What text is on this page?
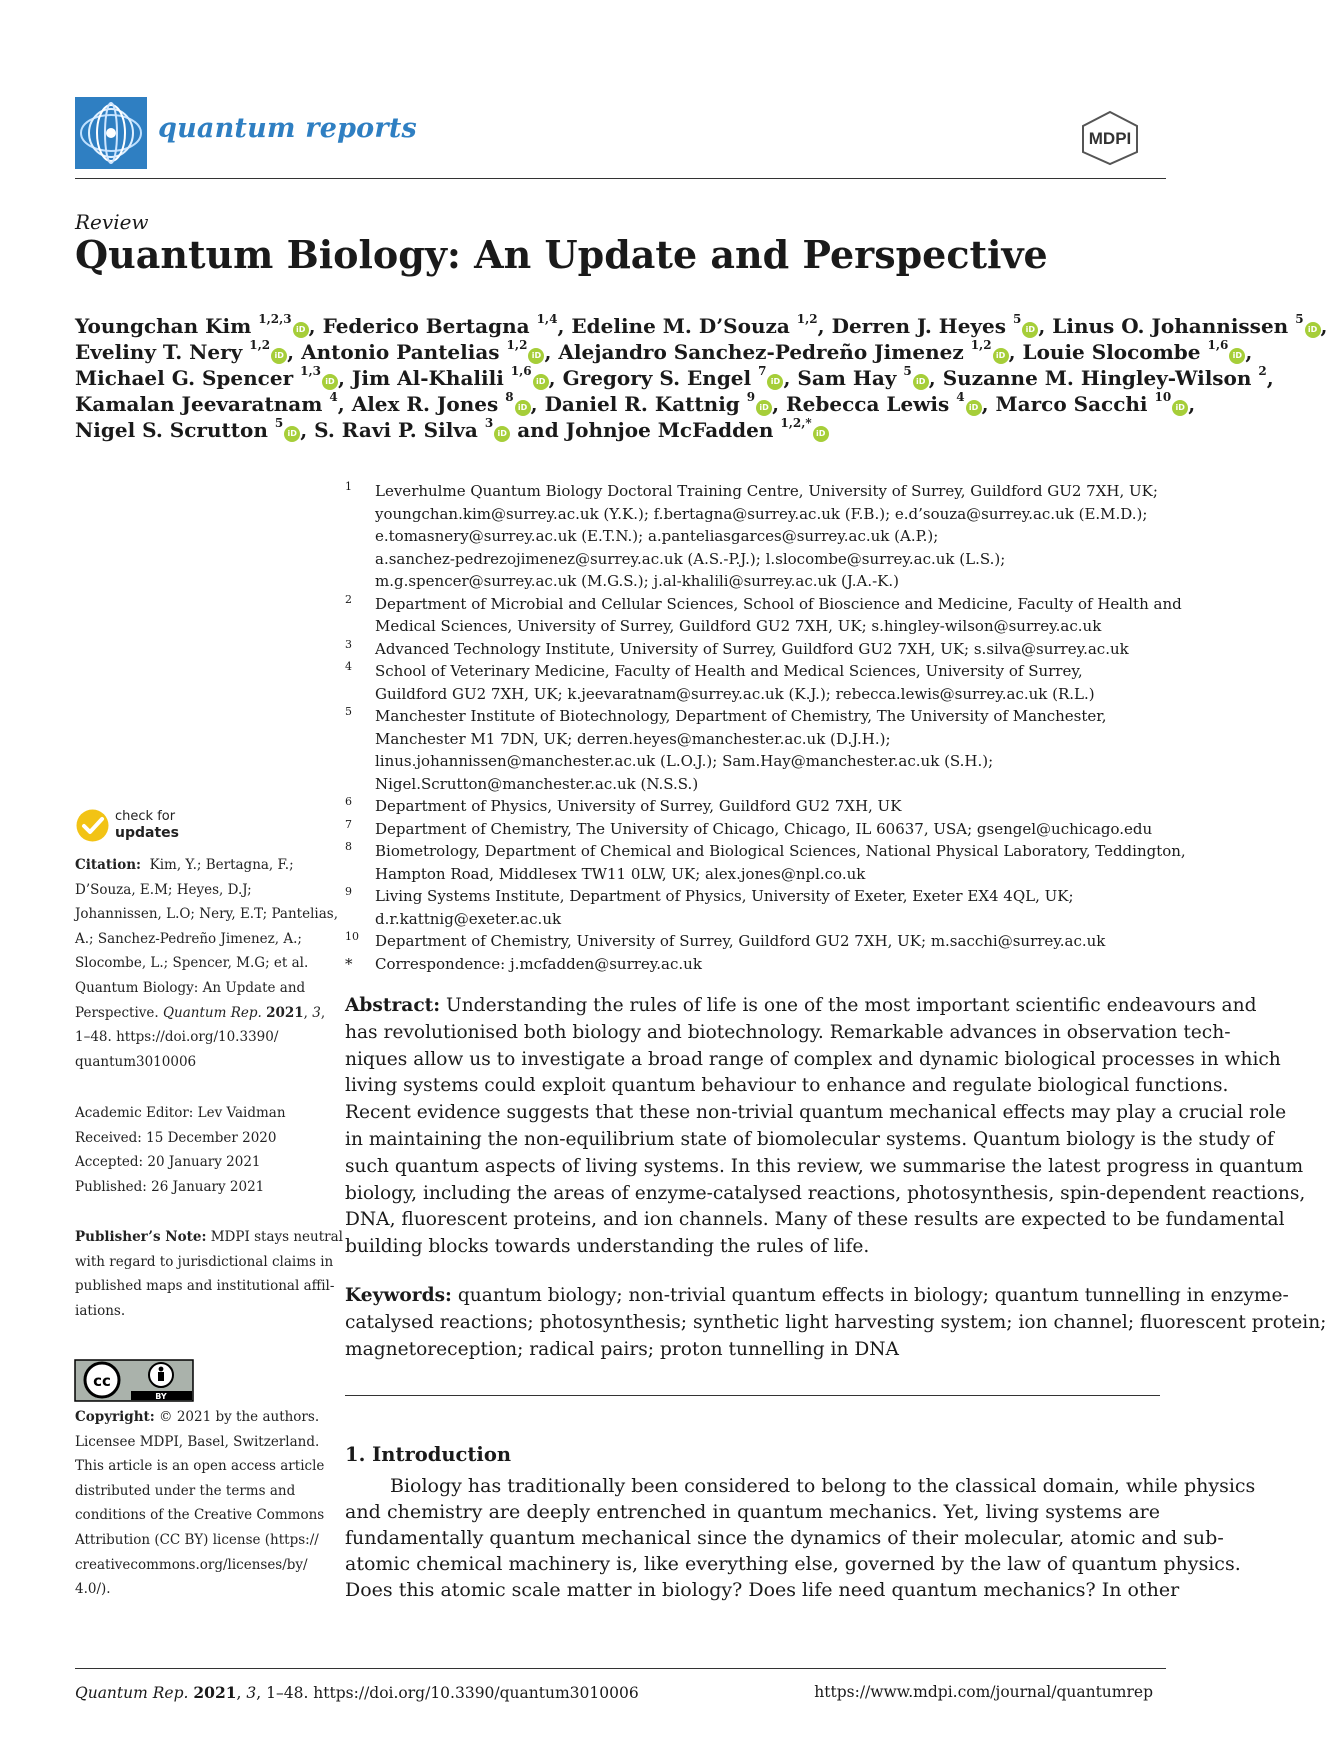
quantum reports	MDPI
Review
Quantum Biology: An Update and Perspective
Youngchan Kim $^{1,2,3}$iD , Federico Bertagna $^{1,4}$, Edeline M. D’Souza $^{1,2}$, Derren J. Heyes $^5$iD , Linus O. Johannissen $^5$iD ,
Eveliny T. Nery $^{1,2}$iD , Antonio Pantelias $^{1,2}$iD , Alejandro Sanchez-Pedreño Jimenez $^{1,2}$iD , Louie Slocombe $^{1,6}$iD ,
Michael G. Spencer $^{1,3}$iD , Jim Al-Khalili $^{1,6}$iD , Gregory S. Engel $^7$iD , Sam Hay $^5$iD , Suzanne M. Hingley-Wilson $^2$,
Kamalan Jeevaratnam $^4$, Alex R. Jones $^8$iD , Daniel R. Kattnig $^9$iD , Rebecca Lewis $^4$iD , Marco Sacchi $^{10}$iD ,
Nigel S. Scrutton $^5$iD , S. Ravi P. Silva $^3$iD and Johnjoe McFadden $^{1,2,*}$iD
1 Leverhulme Quantum Biology Doctoral Training Centre, University of Surrey, Guildford GU2 7XH, UK;
youngchan.kim@surrey.ac.uk (Y.K.); f.bertagna@surrey.ac.uk (F.B.); e.d’souza@surrey.ac.uk (E.M.D.);
e.tomasnery@surrey.ac.uk (E.T.N.); a.panteliasgarces@surrey.ac.uk (A.P.);
a.sanchez-pedrezojimenez@surrey.ac.uk (A.S.-P.J.); l.slocombe@surrey.ac.uk (L.S.);
m.g.spencer@surrey.ac.uk (M.G.S.); j.al-khalili@surrey.ac.uk (J.A.-K.)
2 Department of Microbial and Cellular Sciences, School of Bioscience and Medicine, Faculty of Health and
Medical Sciences, University of Surrey, Guildford GU2 7XH, UK; s.hingley-wilson@surrey.ac.uk
3 Advanced Technology Institute, University of Surrey, Guildford GU2 7XH, UK; s.silva@surrey.ac.uk
4 School of Veterinary Medicine, Faculty of Health and Medical Sciences, University of Surrey,
Guildford GU2 7XH, UK; k.jeevaratnam@surrey.ac.uk (K.J.); rebecca.lewis@surrey.ac.uk (R.L.)
5 Manchester Institute of Biotechnology, Department of Chemistry, The University of Manchester,
Manchester M1 7DN, UK; derren.heyes@manchester.ac.uk (D.J.H.);
linus.johannissen@manchester.ac.uk (L.O.J.); Sam.Hay@manchester.ac.uk (S.H.);
Nigel.Scrutton@manchester.ac.uk (N.S.S.)
6 Department of Physics, University of Surrey, Guildford GU2 7XH, UK
7 Department of Chemistry, The University of Chicago, Chicago, IL 60637, USA; gsengel@uchicago.edu
8 Biometrology, Department of Chemical and Biological Sciences, National Physical Laboratory, Teddington,
Hampton Road, Middlesex TW11 0LW, UK; alex.jones@npl.co.uk
9 Living Systems Institute, Department of Physics, University of Exeter, Exeter EX4 4QL, UK;
d.r.kattnig@exeter.ac.uk
10 Department of Chemistry, University of Surrey, Guildford GU2 7XH, UK; m.sacchi@surrey.ac.uk
* Correspondence: j.mcfadden@surrey.ac.uk
check for
updates
Citation: Kim, Y.; Bertagna, F.;
D’Souza, E.M; Heyes, D.J;
Johannissen, L.O; Nery, E.T; Pantelias,
A.; Sanchez-Pedreño Jimenez, A.;
Slocombe, L.; Spencer, M.G; et al.
Quantum Biology: An Update and
Perspective. Quantum Rep. 2021, 3,
1–48. https://doi.org/10.3390/
quantum3010006
Academic Editor: Lev Vaidman
Received: 15 December 2020
Accepted: 20 January 2021
Published: 26 January 2021
Publisher’s Note: MDPI stays neutral
with regard to jurisdictional claims in
published maps and institutional affil-
iations.
cc
BY
Copyright: © 2021 by the authors.
Licensee MDPI, Basel, Switzerland.
This article is an open access article
distributed under the terms and
conditions of the Creative Commons
Attribution (CC BY) license (https://
creativecommons.org/licenses/by/
4.0/).
Abstract: Understanding the rules of life is one of the most important scientific endeavours and
has revolutionised both biology and biotechnology. Remarkable advances in observation tech-
niques allow us to investigate a broad range of complex and dynamic biological processes in which
living systems could exploit quantum behaviour to enhance and regulate biological functions.
Recent evidence suggests that these non-trivial quantum mechanical effects may play a crucial role
in maintaining the non-equilibrium state of biomolecular systems. Quantum biology is the study of
such quantum aspects of living systems. In this review, we summarise the latest progress in quantum
biology, including the areas of enzyme-catalysed reactions, photosynthesis, spin-dependent reactions,
DNA, fluorescent proteins, and ion channels. Many of these results are expected to be fundamental
building blocks towards understanding the rules of life.
Keywords: quantum biology; non-trivial quantum effects in biology; quantum tunnelling in enzyme-
catalysed reactions; photosynthesis; synthetic light harvesting system; ion channel; fluorescent protein;
magnetoreception; radical pairs; proton tunnelling in DNA
1. Introduction
Biology has traditionally been considered to belong to the classical domain, while physics
and chemistry are deeply entrenched in quantum mechanics. Yet, living systems are
fundamentally quantum mechanical since the dynamics of their molecular, atomic and sub-
atomic chemical machinery is, like everything else, governed by the law of quantum physics.
Does this atomic scale matter in biology? Does life need quantum mechanics? In other
Quantum Rep. 2021, 3, 1–48. https://doi.org/10.3390/quantum3010006	https://www.mdpi.com/journal/quantumrep
